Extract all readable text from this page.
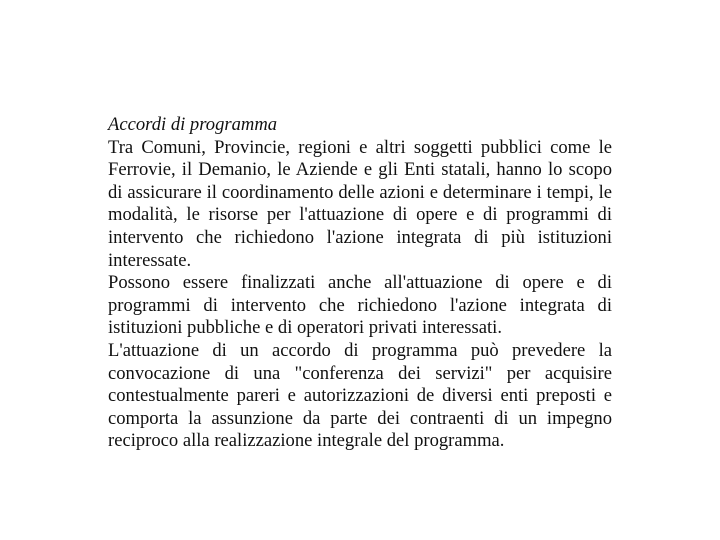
Accordi di programma

Tra Comuni, Provincie, regioni e altri soggetti pubblici come le Ferrovie, il Demanio, le Aziende e gli Enti statali, hanno lo scopo di assicurare il coordinamento delle azioni e determinare i tempi, le modalità, le risorse per l'attuazione di opere e di programmi di intervento che richiedono l'azione integrata di più istituzioni interessate.

Possono essere finalizzati anche all'attuazione di opere e di programmi di intervento che richiedono l'azione integrata di istituzioni pubbliche e di operatori privati interessati.

L'attuazione di un accordo di programma può prevedere la convocazione di una "conferenza dei servizi" per acquisire contestualmente pareri e autorizzazioni de diversi enti preposti e comporta la assunzione da parte dei contraenti di un impegno reciproco alla realizzazione integrale del programma.
